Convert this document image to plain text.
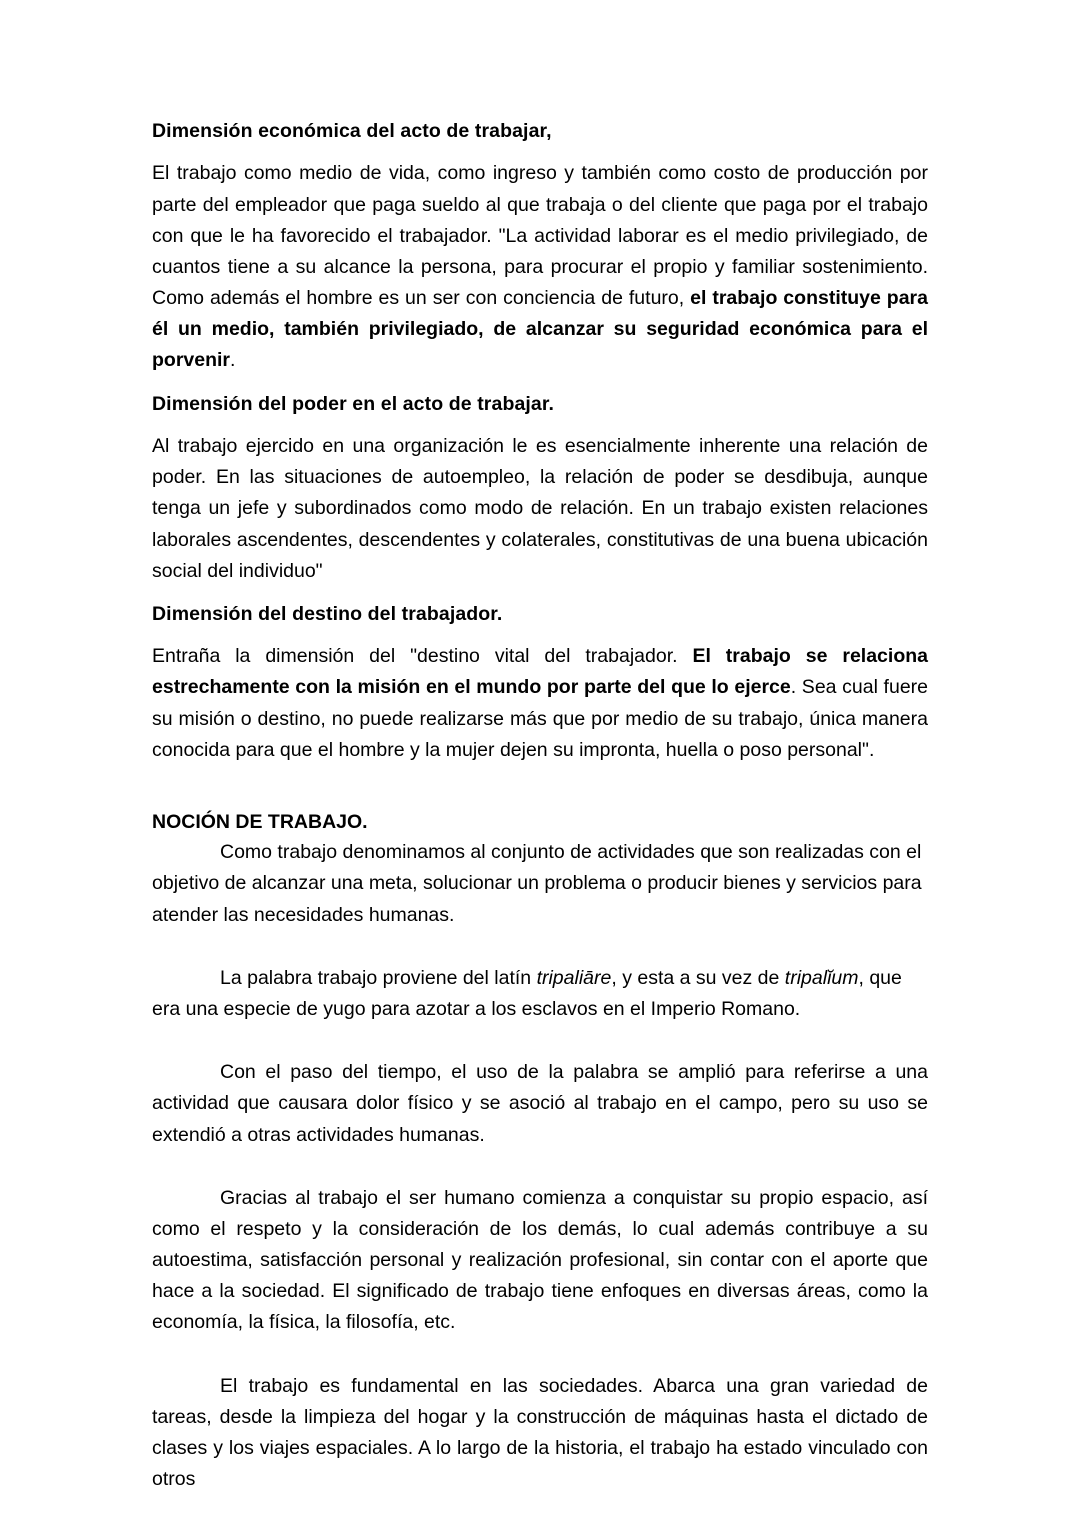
Dimensión económica del acto de trabajar,

El trabajo como medio de vida, como ingreso y también como costo de producción por parte del empleador que paga sueldo al que trabaja o del cliente que paga por el trabajo con que le ha favorecido el trabajador. "La actividad laborar es el medio privilegiado, de cuantos tiene a su alcance la persona, para procurar el propio y familiar sostenimiento. Como además el hombre es un ser con conciencia de futuro, el trabajo constituye para él un medio, también privilegiado, de alcanzar su seguridad económica para el porvenir.

Dimensión del poder en el acto de trabajar.

Al trabajo ejercido en una organización le es esencialmente inherente una relación de poder. En las situaciones de autoempleo, la relación de poder se desdibuja, aunque tenga un jefe y subordinados como modo de relación. En un trabajo existen relaciones laborales ascendentes, descendentes y colaterales, constitutivas de una buena ubicación social del individuo"

Dimensión del destino del trabajador.

Entraña la dimensión del "destino vital del trabajador. El trabajo se relaciona estrechamente con la misión en el mundo por parte del que lo ejerce. Sea cual fuere su misión o destino, no puede realizarse más que por medio de su trabajo, única manera conocida para que el hombre y la mujer dejen su impronta, huella o poso personal".

NOCIÓN DE TRABAJO.

Como trabajo denominamos al conjunto de actividades que son realizadas con el objetivo de alcanzar una meta, solucionar un problema o producir bienes y servicios para atender las necesidades humanas.

La palabra trabajo proviene del latín tripaliāre, y esta a su vez de tripalĭum, que era una especie de yugo para azotar a los esclavos en el Imperio Romano.

Con el paso del tiempo, el uso de la palabra se amplió para referirse a una actividad que causara dolor físico y se asoció al trabajo en el campo, pero su uso se extendió a otras actividades humanas.

Gracias al trabajo el ser humano comienza a conquistar su propio espacio, así como el respeto y la consideración de los demás, lo cual además contribuye a su autoestima, satisfacción personal y realización profesional, sin contar con el aporte que hace a la sociedad. El significado de trabajo tiene enfoques en diversas áreas, como la economía, la física, la filosofía, etc.

El trabajo es fundamental en las sociedades. Abarca una gran variedad de tareas, desde la limpieza del hogar y la construcción de máquinas hasta el dictado de clases y los viajes espaciales. A lo largo de la historia, el trabajo ha estado vinculado con otros
